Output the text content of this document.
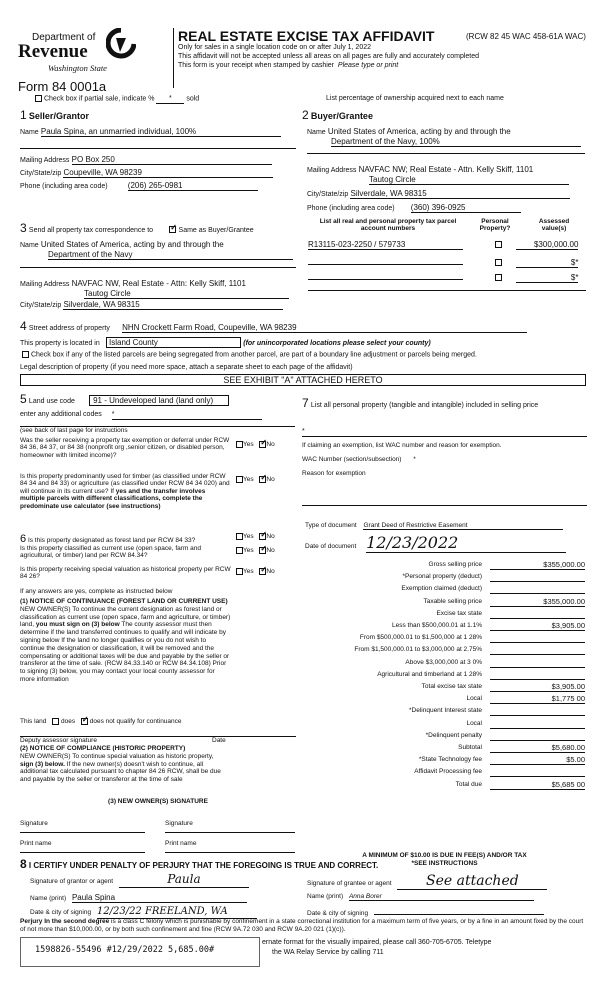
Department of
Revenue
Washington State
Form 84 0001a
REAL ESTATE EXCISE TAX AFFIDAVIT	(RCW 82 45 WAC 458-61A WAC)
Only for sales in a single location code on or after July 1, 2022
This affidavit will not be accepted unless all areas on all pages are fully and accurately completed
This form is your receipt when stamped by cashier Please type or print
Check box if partial sale, indicate % * sold	List percentage of ownership acquired next to each name
1 Seller/Grantor
Name Paula Spina, an unmarried individual, 100%
Mailing Address PO Box 250
City/State/zip Coupeville, WA 98239
Phone (including area code)	(206) 265-0981
2 Buyer/Grantee
Name United States of America, acting by and through the
Department of the Navy, 100%
Mailing Address NAVFAC NW; Real Estate - Attn. Kelly Skiff, 1101
Tautog Circle
City/State/zip Silverdale, WA 98315
Phone (including area code) (360) 396-0925
3 Send all property tax correspondence to ✓	Same as Buyer/Grantee
Name United States of America, acting by and through the
Department of the Navy
Mailing Address NAVFAC NW, Real Estate - Attn: Kelly Skiff, 1101
Tautog Circle
City/State/zip Silverdale, WA 98315
List all real and personal property tax parcel account numbers
Personal Property?
Assessed value(s)
R13115-023-2250 / 579733	$300,000.00
$*
$*
4 Street address of property NHN Crockett Farm Road, Coupeville, WA 98239
This property is located in Island County	(for unincorporated locations please select your county)
Check box if any of the listed parcels are being segregated from another parcel, are part of a boundary line adjustment or parcels being merged.
Legal description of property (if you need more space, attach a separate sheet to each page of the affidavit)
SEE EXHIBIT "A" ATTACHED HERETO
5 Land use code 91 - Undeveloped land (land only)
enter any additional codes *
(see back of last page for instructions
Was the seller receiving a property tax exemption or deferral under RCW 84 36, 84 37, or 84 38 (nonprofit org ,senior citizen, or disabled person, homeowner with limited income)?
Yes ✓ No
Is this property predominantly used for timber (as classified under RCW 84 34 and 84 33) or agriculture (as classified under RCW 84 34 020) and will continue in its current use? If yes and the transfer involves multiple parcels with different classifications, complete the predominate use calculator (see instructions)
Yes ✓ No
7 List all personal property (tangible and intangible) included in selling price
*
If claiming an exemption, list WAC number and reason for exemption.
WAC Number (section/subsection) *
Reason for exemption
Type of document Grant Deed of Restrictive Easement
Date of document 12/23/2022
Gross selling price	$355,000.00
*Personal property (deduct)
Exemption claimed (deduct)
Taxable selling price	$355,000.00
Excise tax state
Less than $500,000.01 at 1.1%	$3,905.00
From $500,000.01 to $1,500,000 at 1 28%
From $1,500,000.01 to $3,000,000 at 2.75%
Above $3,000,000 at 3 0%
Agricultural and timberland at 1 28%
Total excise tax state	$3,905.00
Local	$1,775 00
*Delinquent Interest state
Local
*Delinquent penalty
Subtotal	$5,680.00
*State Technology fee	$5.00
Affidavit Processing fee
Total due	$5,685 00
A MINIMUM OF $10.00 IS DUE IN FEE(S) AND/OR TAX
*SEE INSTRUCTIONS
6 Is this property designated as forest land per RCW 84 33?
Yes ✓ No
Is this property classified as current use (open space, farm and agricultural, or timber) land per RCW 84.34?
Yes ✓ No
Is this property receiving special valuation as historical property per RCW 84 26?
Yes ✓ No
If any answers are yes, complete as instructed below
(1) NOTICE OF CONTINUANCE (FOREST LAND OR CURRENT USE)
NEW OWNER(S) To continue the current designation as forest land or
classification as current use (open space, farm and agriculture, or timber)
land, you must sign on (3) below The county assessor must then
determine if the land transferred continues to qualify and will indicate by
signing below If the land no longer qualifies or you do not wish to
continue the designation or classification, it will be removed and the
compensating or additional taxes will be due and payable by the seller or
transferor at the time of sale. (RCW 84.33.140 or RCW 84.34.108) Prior
to signing (3) below, you may contact your local county assessor for
more information
This land does ✓ does not qualify for continuance
Deputy assessor signature	Date
(2) NOTICE OF COMPLIANCE (HISTORIC PROPERTY)
NEW OWNER(S) To continue special valuation as historic property,
sign (3) below. If the new owner(s) doesn't wish to continue, all
additional tax calculated pursuant to chapter 84 26 RCW, shall be due
and payable by the seller or transferor at the time of sale
(3) NEW OWNER(S) SIGNATURE
Signature	Signature
Print name	Print name
8 I CERTIFY UNDER PENALTY OF PERJURY THAT THE FOREGOING IS TRUE AND CORRECT.
Signature of grantor or agent	Paula	Signature of grantee or agent See attached
Name (print) Paula Spina	Name (print) Anna Borer
Date & city of signing 12/23/22 FREELAND, WA	Date & city of signing
Perjury In the second degree is a class C felony which is punishable by confinement in a state correctional institution for a maximum term of five years, or by a fine in an amount fixed by the court of not more than $10,000.00, or by both such confinement and fine (RCW 9A.72 030 and RCW 9A.20 021 (1)(c)).
1598826-55496 #12/29/2022 5,685.00#
ernate format for the visually impaired, please call 360-705-6705. Teletype
the WA Relay Service by calling 711
